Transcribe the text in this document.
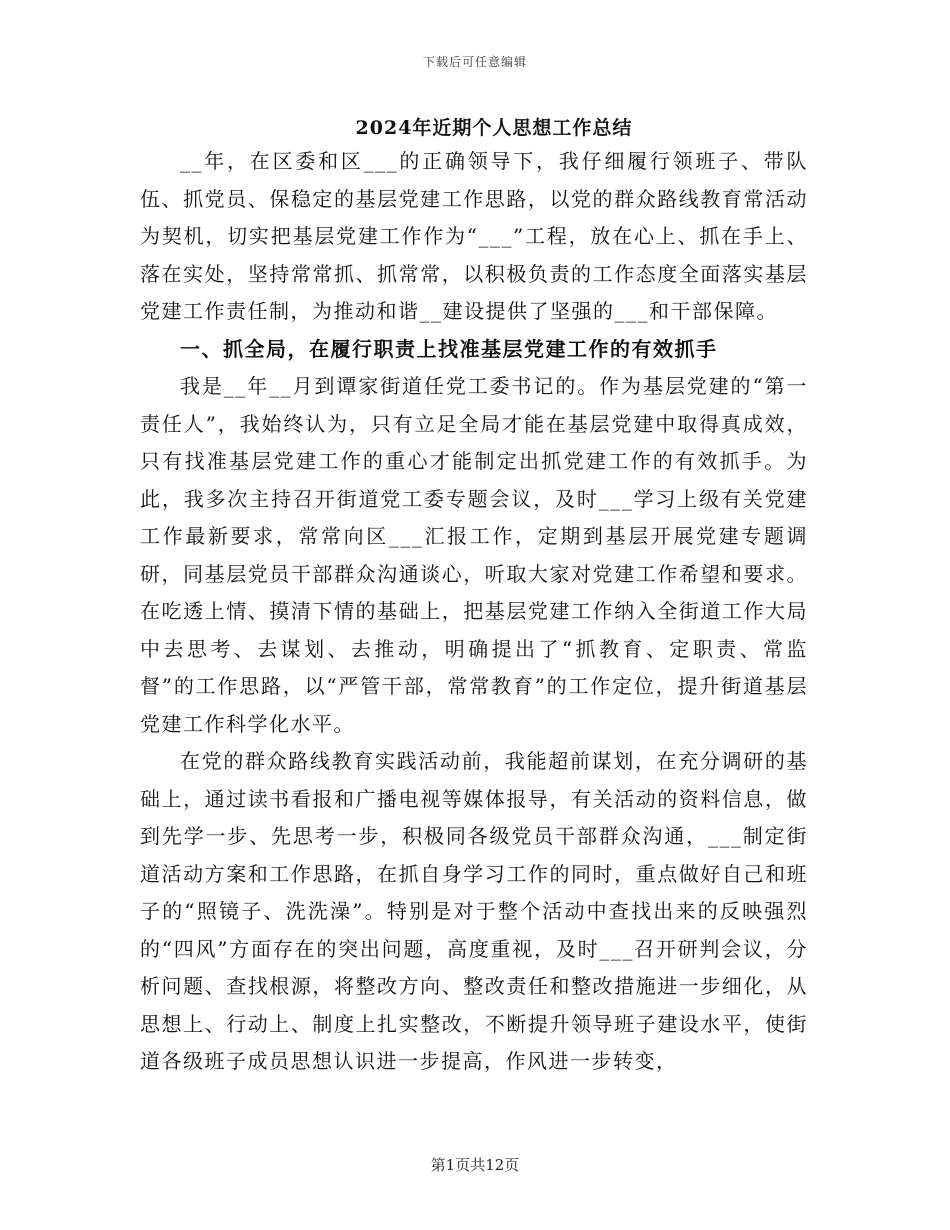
下载后可任意编辑
2024年近期个人思想工作总结

__年，在区委和区___的正确领导下，我仔细履行领班子、带队伍、抓党员、保稳定的基层党建工作思路，以党的群众路线教育常活动为契机，切实把基层党建工作作为“___”工程，放在心上、抓在手上、落在实处，坚持常常抓、抓常常，以积极负责的工作态度全面落实基层党建工作责任制，为推动和谐__建设提供了坚强的___和干部保障。

一、抓全局，在履行职责上找准基层党建工作的有效抓手

我是__年__月到谭家街道任党工委书记的。作为基层党建的“第一责任人”，我始终认为，只有立足全局才能在基层党建中取得真成效，只有找准基层党建工作的重心才能制定出抓党建工作的有效抓手。为此，我多次主持召开街道党工委专题会议，及时___学习上级有关党建工作最新要求，常常向区___汇报工作，定期到基层开展党建专题调研，同基层党员干部群众沟通谈心，听取大家对党建工作希望和要求。在吃透上情、摸清下情的基础上，把基层党建工作纳入全街道工作大局中去思考、去谋划、去推动，明确提出了“抓教育、定职责、常监督”的工作思路，以“严管干部，常常教育”的工作定位，提升街道基层党建工作科学化水平。

在党的群众路线教育实践活动前，我能超前谋划，在充分调研的基础上，通过读书看报和广播电视等媒体报导，有关活动的资料信息，做到先学一步、先思考一步，积极同各级党员干部群众沟通，___制定街道活动方案和工作思路，在抓自身学习工作的同时，重点做好自己和班子的“照镜子、洗洗澡”。特别是对于整个活动中查找出来的反映强烈的“四风”方面存在的突出问题，高度重视，及时___召开研判会议，分析问题、查找根源，将整改方向、整改责任和整改措施进一步细化，从思想上、行动上、制度上扎实整改，不断提升领导班子建设水平，使街道各级班子成员思想认识进一步提高，作风进一步转变，

第1页共12页
